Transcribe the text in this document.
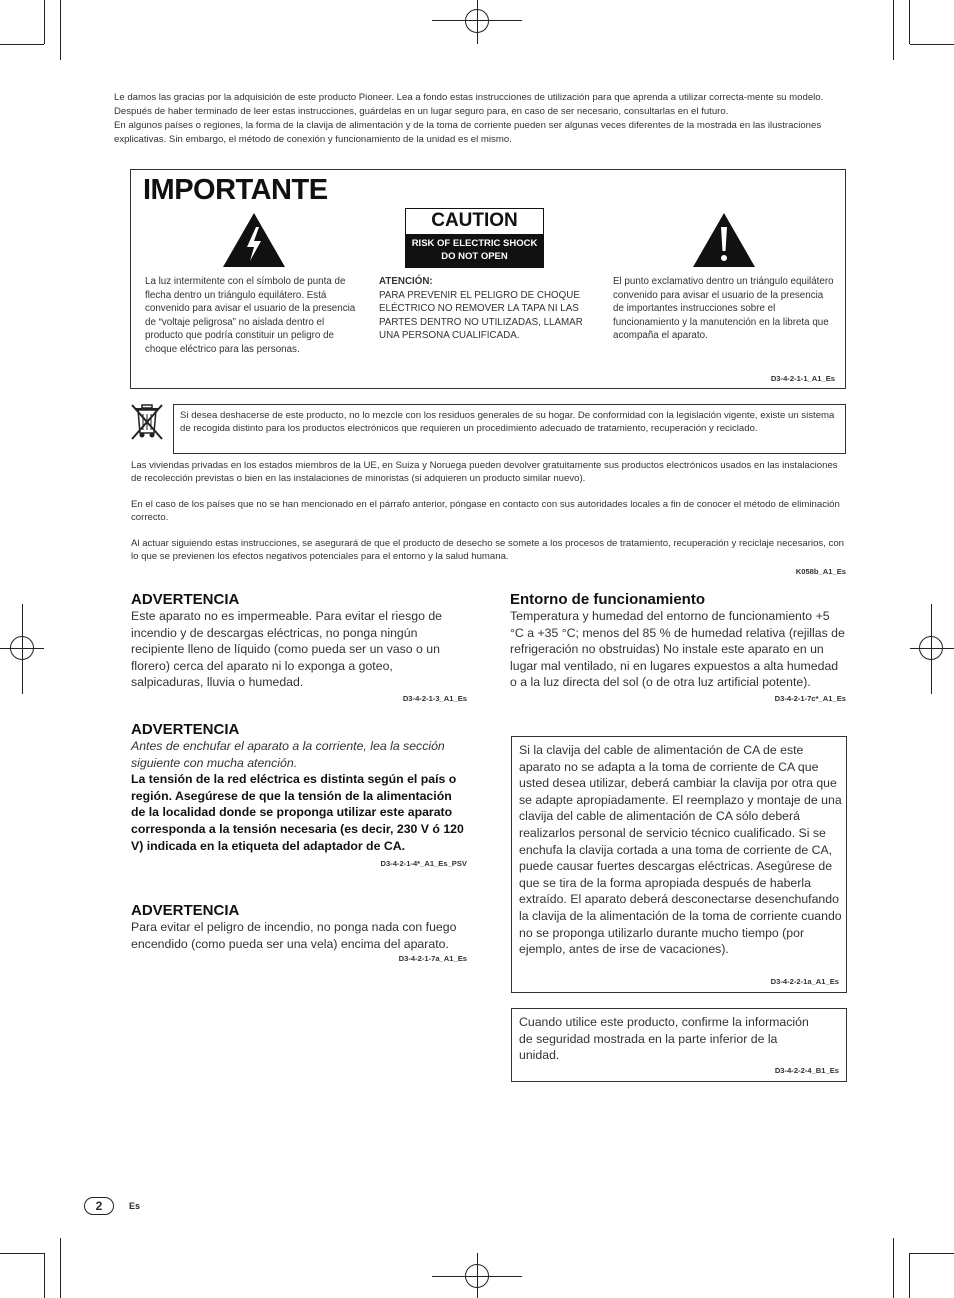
Le damos las gracias por la adquisición de este producto Pioneer. Lea a fondo estas instrucciones de utilización para que aprenda a utilizar correcta-mente su modelo. Después de haber terminado de leer estas instrucciones, guárdelas en un lugar seguro para, en caso de ser necesario, consultarlas en el futuro.

En algunos países o regiones, la forma de la clavija de alimentación y de la toma de corriente pueden ser algunas veces diferentes de la mostrada en las ilustraciones explicativas. Sin embargo, el método de conexión y funcionamiento de la unidad es el mismo.

IMPORTANTE
CAUTION
RISK OF ELECTRIC SHOCK
DO NOT OPEN
La luz intermitente con el símbolo de punta de flecha dentro un triángulo equilátero. Está convenido para avisar el usuario de la presencia de “voltaje peligrosa” no aislada dentro el producto que podría constituir un peligro de choque eléctrico para las personas.
ATENCIÓN:
PARA PREVENIR EL PELIGRO DE CHOQUE ELÉCTRICO NO REMOVER LA TAPA NI LAS PARTES DENTRO NO UTILIZADAS, LLAMAR UNA PERSONA CUALIFICADA.
El punto exclamativo dentro un triángulo equilátero convenido para avisar el usuario de la presencia de importantes instrucciones sobre el funcionamiento y la manutención en la libreta que acompaña el aparato.
D3-4-2-1-1_A1_Es
Si desea deshacerse de este producto, no lo mezcle con los residuos generales de su hogar. De conformidad con la legislación vigente, existe un sistema de recogida distinto para los productos electrónicos que requieren un procedimiento adecuado de tratamiento, recuperación y reciclado.

Las viviendas privadas en los estados miembros de la UE, en Suiza y Noruega pueden devolver gratuitamente sus productos electrónicos usados en las instalaciones de recolección previstas o bien en las instalaciones de minoristas (si adquieren un producto similar nuevo).

En el caso de los países que no se han mencionado en el párrafo anterior, póngase en contacto con sus autoridades locales a fin de conocer el método de eliminación correcto.

Al actuar siguiendo estas instrucciones, se asegurará de que el producto de desecho se somete a los procesos de tratamiento, recuperación y reciclaje necesarios, con lo que se previenen los efectos negativos potenciales para el entorno y la salud humana.

K058b_A1_Es
ADVERTENCIA
Este aparato no es impermeable. Para evitar el riesgo de incendio y de descargas eléctricas, no ponga ningún recipiente lleno de líquido (como pueda ser un vaso o un florero) cerca del aparato ni lo exponga a goteo, salpicaduras, lluvia o humedad.
D3-4-2-1-3_A1_Es
ADVERTENCIA
Antes de enchufar el aparato a la corriente, lea la sección siguiente con mucha atención.
La tensión de la red eléctrica es distinta según el país o región. Asegúrese de que la tensión de la alimentación de la localidad donde se proponga utilizar este aparato corresponda a la tensión necesaria (es decir, 230 V ó 120 V) indicada en la etiqueta del adaptador de CA.
D3-4-2-1-4*_A1_Es_PSV
ADVERTENCIA
Para evitar el peligro de incendio, no ponga nada con fuego encendido (como pueda ser una vela) encima del aparato.
D3-4-2-1-7a_A1_Es
Entorno de funcionamiento
Temperatura y humedad del entorno de funcionamiento +5 °C a +35 °C; menos del 85 % de humedad relativa (rejillas de refrigeración no obstruidas) No instale este aparato en un lugar mal ventilado, ni en lugares expuestos a alta humedad o a la luz directa del sol (o de otra luz artificial potente).
D3-4-2-1-7c*_A1_Es
Si la clavija del cable de alimentación de CA de este aparato no se adapta a la toma de corriente de CA que usted desea utilizar, deberá cambiar la clavija por otra que se adapte apropiadamente. El reemplazo y montaje de una clavija del cable de alimentación de CA sólo deberá realizarlos personal de servicio técnico cualificado. Si se enchufa la clavija cortada a una toma de corriente de CA, puede causar fuertes descargas eléctricas. Asegúrese de que se tira de la forma apropiada después de haberla extraído. El aparato deberá desconectarse desenchufando la clavija de la alimentación de la toma de corriente cuando no se proponga utilizarlo durante mucho tiempo (por ejemplo, antes de irse de vacaciones).
D3-4-2-2-1a_A1_Es
Cuando utilice este producto, confirme la información de seguridad mostrada en la parte inferior de la unidad.
D3-4-2-2-4_B1_Es
2	Es
